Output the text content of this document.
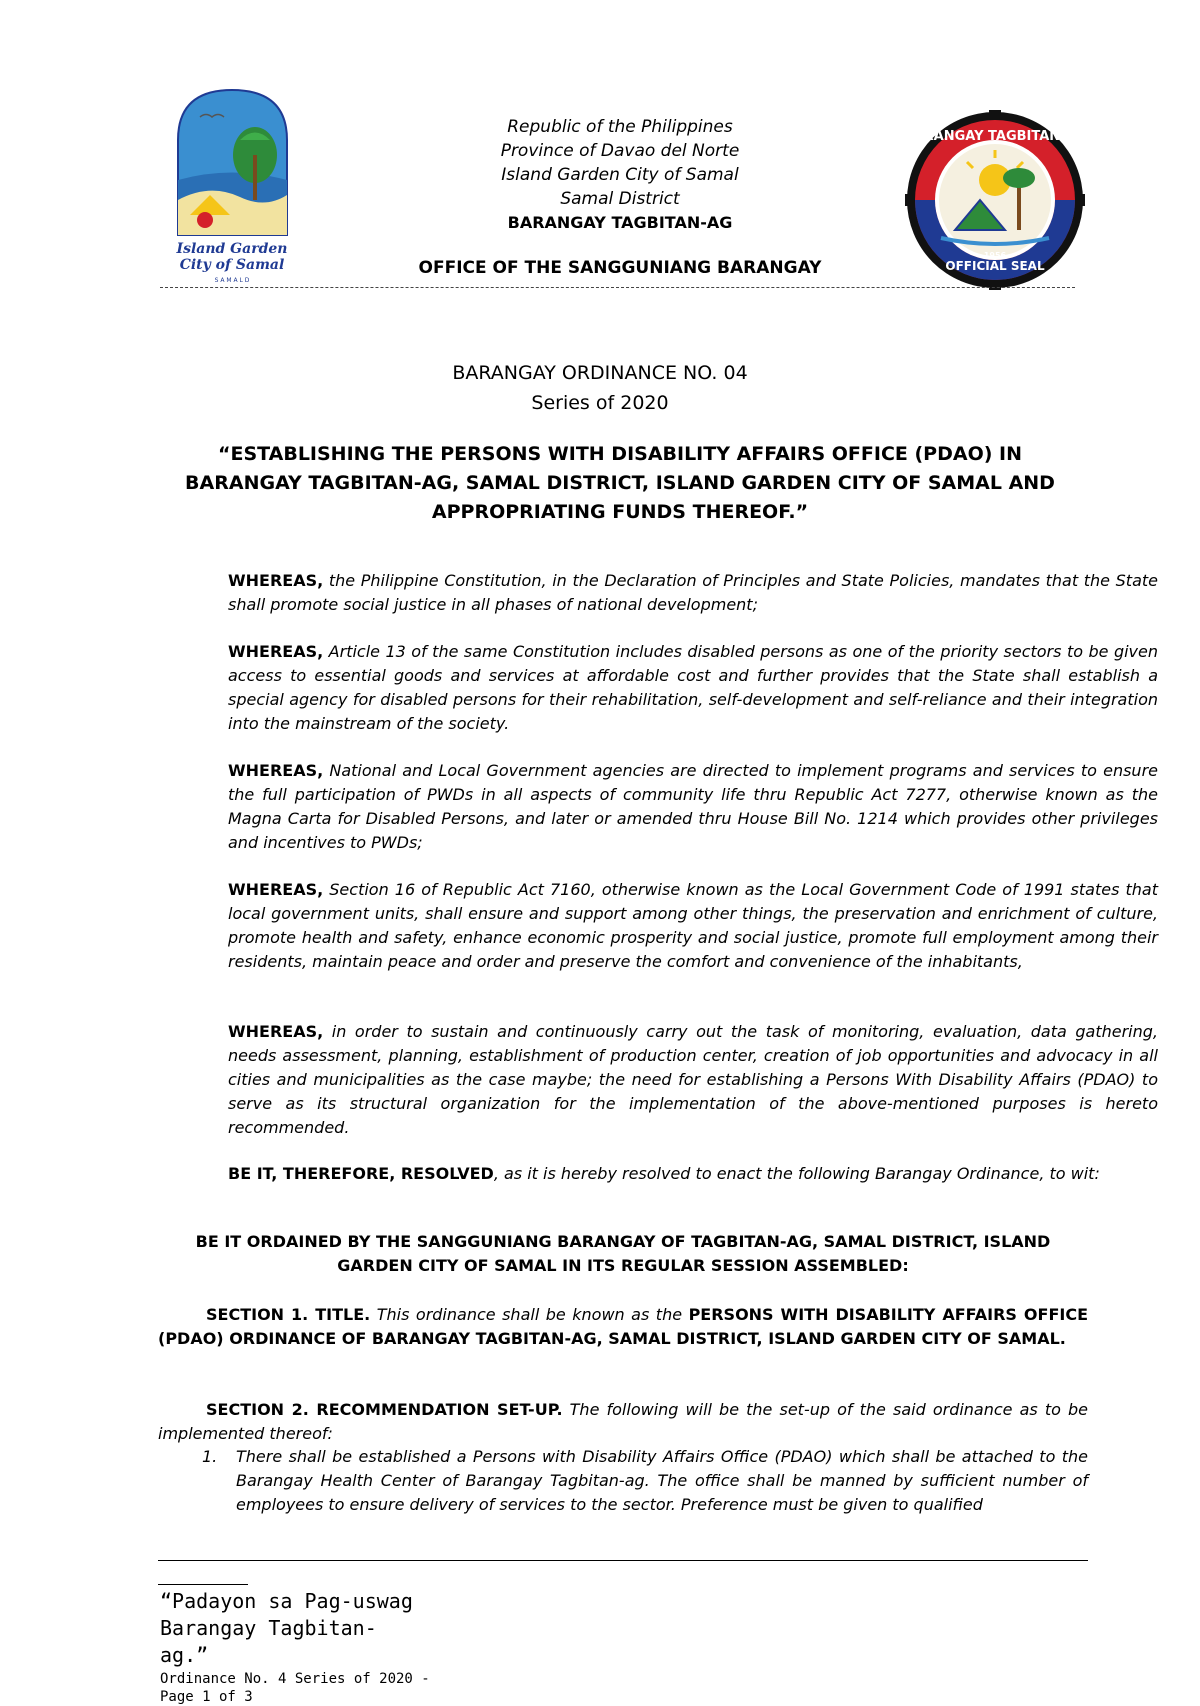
Island Garden
City of Samal
S A M A L D
BARANGAY TAGBITAN-AG
OFFICIAL SEAL
1956
Republic of the Philippines
Province of Davao del Norte
Island Garden City of Samal
Samal District
BARANGAY TAGBITAN-AG
OFFICE OF THE SANGGUNIANG BARANGAY
BARANGAY ORDINANCE NO. 04
Series of 2020
“ESTABLISHING THE PERSONS WITH DISABILITY AFFAIRS OFFICE (PDAO) IN BARANGAY TAGBITAN-AG, SAMAL DISTRICT, ISLAND GARDEN CITY OF SAMAL AND APPROPRIATING FUNDS THEREOF.”
WHEREAS, the Philippine Constitution, in the Declaration of Principles and State Policies, mandates that the State shall promote social justice in all phases of national development;
WHEREAS, Article 13 of the same Constitution includes disabled persons as one of the priority sectors to be given access to essential goods and services at affordable cost and further provides that the State shall establish a special agency for disabled persons for their rehabilitation, self-development and self-reliance and their integration into the mainstream of the society.
WHEREAS, National and Local Government agencies are directed to implement programs and services to ensure the full participation of PWDs in all aspects of community life thru Republic Act 7277, otherwise known as the Magna Carta for Disabled Persons, and later or amended thru House Bill No. 1214 which provides other privileges and incentives to PWDs;
WHEREAS, Section 16 of Republic Act 7160, otherwise known as the Local Government Code of 1991 states that local government units, shall ensure and support among other things, the preservation and enrichment of culture, promote health and safety, enhance economic prosperity and social justice, promote full employment among their residents, maintain peace and order and preserve the comfort and convenience of the inhabitants,
WHEREAS, in order to sustain and continuously carry out the task of monitoring, evaluation, data gathering, needs assessment, planning, establishment of production center, creation of job opportunities and advocacy in all cities and municipalities as the case maybe; the need for establishing a Persons With Disability Affairs (PDAO) to serve as its structural organization for the implementation of the above-mentioned purposes is hereto recommended.
BE IT, THEREFORE, RESOLVED, as it is hereby resolved to enact the following Barangay Ordinance, to wit:
BE IT ORDAINED BY THE SANGGUNIANG BARANGAY OF TAGBITAN-AG, SAMAL DISTRICT, ISLAND GARDEN CITY OF SAMAL IN ITS REGULAR SESSION ASSEMBLED:
SECTION 1. TITLE. This ordinance shall be known as the PERSONS WITH DISABILITY AFFAIRS OFFICE (PDAO) ORDINANCE OF BARANGAY TAGBITAN-AG, SAMAL DISTRICT, ISLAND GARDEN CITY OF SAMAL.
SECTION 2. RECOMMENDATION SET-UP. The following will be the set-up of the said ordinance as to be implemented thereof:
1. There shall be established a Persons with Disability Affairs Office (PDAO) which shall be attached to the Barangay Health Center of Barangay Tagbitan-ag. The office shall be manned by sufficient number of employees to ensure delivery of services to the sector. Preference must be given to qualified
“Padayon sa Pag-uswag Barangay Tagbitan-ag.”
Ordinance No. 4 Series of 2020 -
Page 1 of 3
